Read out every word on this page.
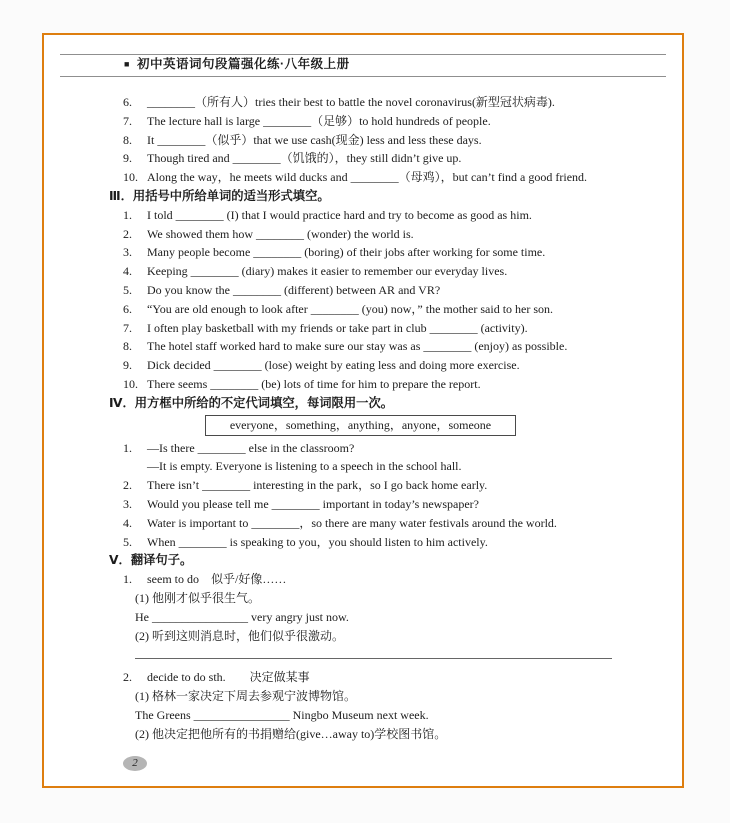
■ 初中英语词句段篇强化练·八年级上册
6.	________（所有人）tries their best to battle the novel coronavirus(新型冠状病毒).
7.	The lecture hall is large ________（足够）to hold hundreds of people.
8.	It ________（似乎）that we use cash(现金) less and less these days.
9.	Though tired and ________（饥饿的），they still didn’t give up.
10. Along the way，he meets wild ducks and ________（母鸡），but can’t find a good friend.
Ⅲ．用括号中所给单词的适当形式填空。
1.	I told ________ (I) that I would practice hard and try to become as good as him.
2.	We showed them how ________ (wonder) the world is.
3.	Many people become ________ (boring) of their jobs after working for some time.
4.	Keeping ________ (diary) makes it easier to remember our everyday lives.
5.	Do you know the ________ (different) between AR and VR?
6.	“You are old enough to look after ________ (you) now，” the mother said to her son.
7.	I often play basketball with my friends or take part in club ________ (activity).
8.	The hotel staff worked hard to make sure our stay was as ________ (enjoy) as possible.
9.	Dick decided ________ (lose) weight by eating less and doing more exercise.
10. There seems ________ (be) lots of time for him to prepare the report.
Ⅳ．用方框中所给的不定代词填空，每词限用一次。
everyone，something，anything，anyone，someone
1.	—Is there ________ else in the classroom?
—It is empty. Everyone is listening to a speech in the school hall.
2.	There isn’t ________ interesting in the park，so I go back home early.
3.	Would you please tell me ________ important in today’s newspaper?
4.	Water is important to ________，so there are many water festivals around the world.
5.	When ________ is speaking to you，you should listen to him actively.
Ⅴ．翻译句子。
1.	seem to do　似乎/好像……
(1) 他刚才似乎很生气。
He ________________ very angry just now.
(2) 听到这则消息时，他们似乎很激动。
2.	decide to do sth.　　决定做某事
(1) 格林一家决定下周去参观宁波博物馆。
The Greens ________________ Ningbo Museum next week.
(2) 他决定把他所有的书捐赠给(give…away to)学校图书馆。
2
